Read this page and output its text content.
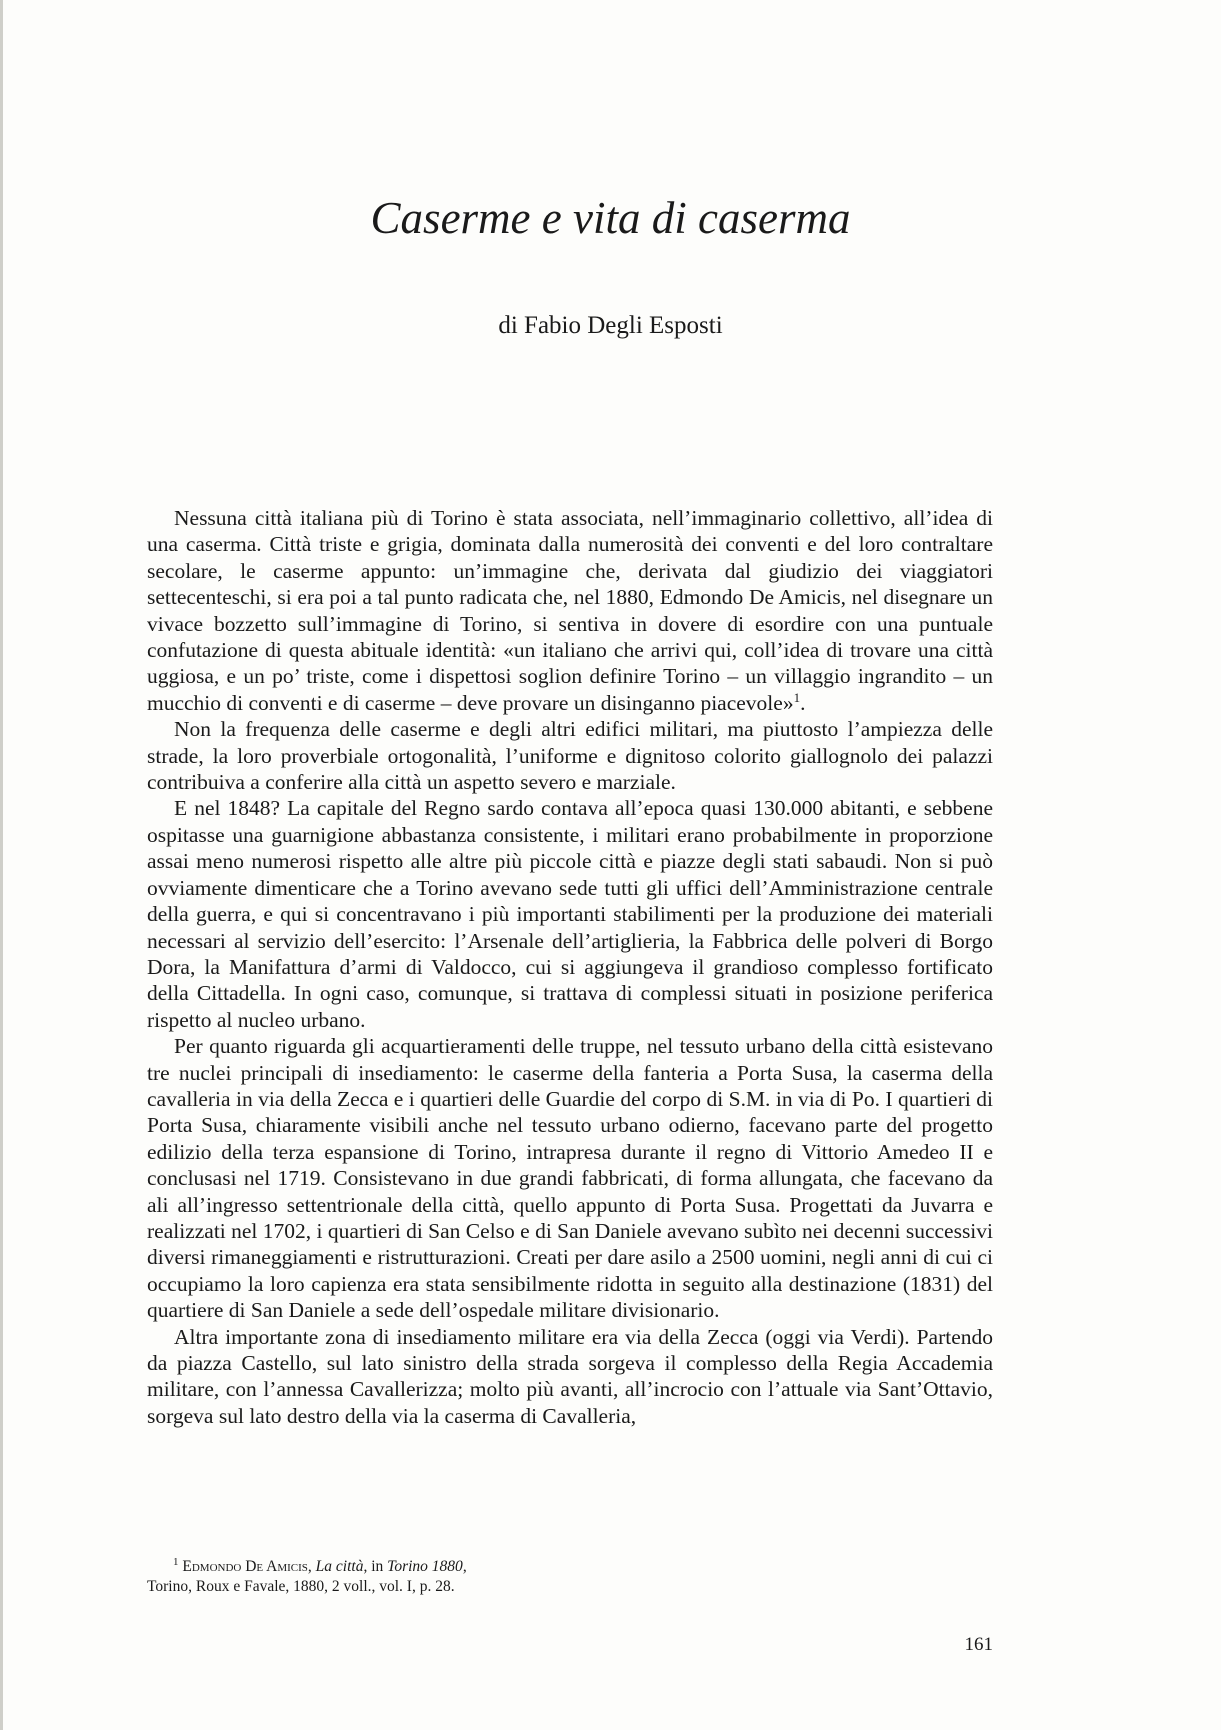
Caserme e vita di caserma
di Fabio Degli Esposti

Nessuna città italiana più di Torino è stata associata, nell’immaginario collettivo, all’idea di una caserma. Città triste e grigia, dominata dalla numerosità dei conventi e del loro contraltare secolare, le caserme appunto: un’immagine che, derivata dal giudizio dei viaggiatori settecenteschi, si era poi a tal punto radicata che, nel 1880, Edmondo De Amicis, nel disegnare un vivace bozzetto sull’immagine di Torino, si sentiva in dovere di esordire con una puntuale confutazione di questa abituale identità: «un italiano che arrivi qui, coll’idea di trovare una città uggiosa, e un po’ triste, come i dispettosi soglion definire Torino – un villaggio ingrandito – un mucchio di conventi e di caserme – deve provare un disinganno piacevole»$^1$.

Non la frequenza delle caserme e degli altri edifici militari, ma piuttosto l’ampiezza delle strade, la loro proverbiale ortogonalità, l’uniforme e dignitoso colorito giallognolo dei palazzi contribuiva a conferire alla città un aspetto severo e marziale.

E nel 1848? La capitale del Regno sardo contava all’epoca quasi 130.000 abitanti, e sebbene ospitasse una guarnigione abbastanza consistente, i militari erano probabilmente in proporzione assai meno numerosi rispetto alle altre più piccole città e piazze degli stati sabaudi. Non si può ovviamente dimenticare che a Torino avevano sede tutti gli uffici dell’Amministrazione centrale della guerra, e qui si concentravano i più importanti stabilimenti per la produzione dei materiali necessari al servizio dell’esercito: l’Arsenale dell’artiglieria, la Fabbrica delle polveri di Borgo Dora, la Manifattura d’armi di Valdocco, cui si aggiungeva il grandioso complesso fortificato della Cittadella. In ogni caso, comunque, si trattava di complessi situati in posizione periferica rispetto al nucleo urbano.

Per quanto riguarda gli acquartieramenti delle truppe, nel tessuto urbano della città esistevano tre nuclei principali di insediamento: le caserme della fanteria a Porta Susa, la caserma della cavalleria in via della Zecca e i quartieri delle Guardie del corpo di S.M. in via di Po. I quartieri di Porta Susa, chiaramente visibili anche nel tessuto urbano odierno, facevano parte del progetto edilizio della terza espansione di Torino, intrapresa durante il regno di Vittorio Amedeo II e conclusasi nel 1719. Consistevano in due grandi fabbricati, di forma allungata, che facevano da ali all’ingresso settentrionale della città, quello appunto di Porta Susa. Progettati da Juvarra e realizzati nel 1702, i quartieri di San Celso e di San Daniele avevano subìto nei decenni successivi diversi rimaneggiamenti e ristrutturazioni. Creati per dare asilo a 2500 uomini, negli anni di cui ci occupiamo la loro capienza era stata sensibilmente ridotta in seguito alla destinazione (1831) del quartiere di San Daniele a sede dell’ospedale militare divisionario.

Altra importante zona di insediamento militare era via della Zecca (oggi via Verdi). Partendo da piazza Castello, sul lato sinistro della strada sorgeva il complesso della Regia Accademia militare, con l’annessa Cavallerizza; molto più avanti, all’incrocio con l’attuale via Sant’Ottavio, sorgeva sul lato destro della via la caserma di Cavalleria,

$^1$ Edmondo De Amicis, La città, in Torino 1880,
Torino, Roux e Favale, 1880, 2 voll., vol. I, p. 28.
161
